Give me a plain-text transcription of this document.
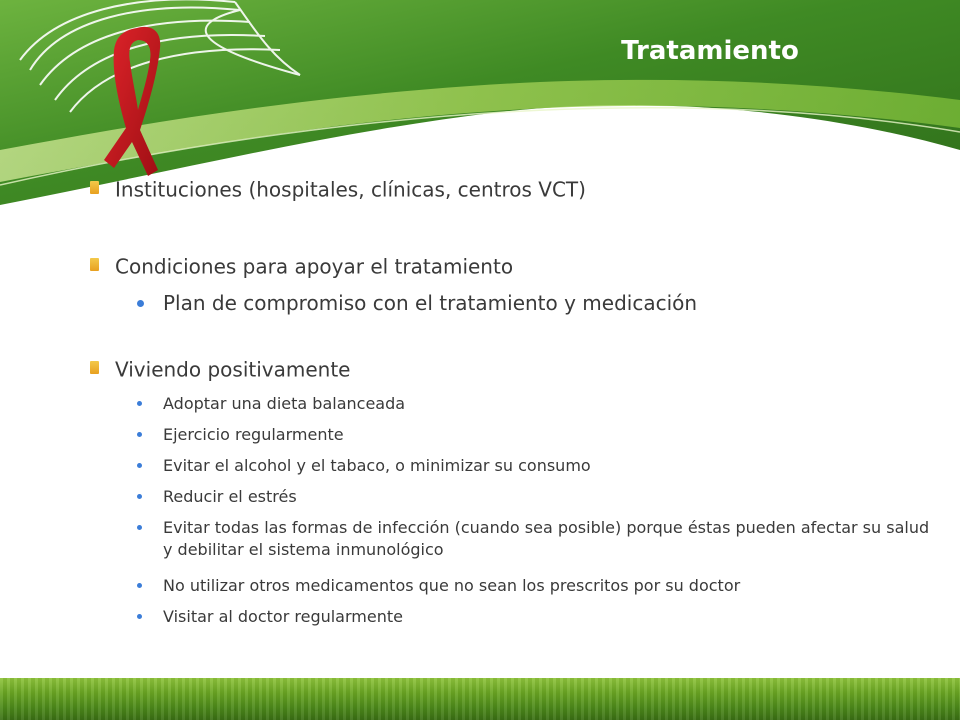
Tratamiento
Instituciones (hospitales, clínicas, centros VCT)
Condiciones para apoyar el tratamiento
Plan de compromiso con el tratamiento y medicación
Viviendo positivamente
Adoptar una dieta balanceada
Ejercicio regularmente
Evitar el alcohol y el tabaco, o minimizar su consumo
Reducir el estrés
Evitar todas las formas de infección (cuando sea posible) porque éstas pueden afectar su salud y debilitar el sistema inmunológico
No utilizar otros medicamentos que no sean los prescritos por su doctor
Visitar al doctor regularmente
